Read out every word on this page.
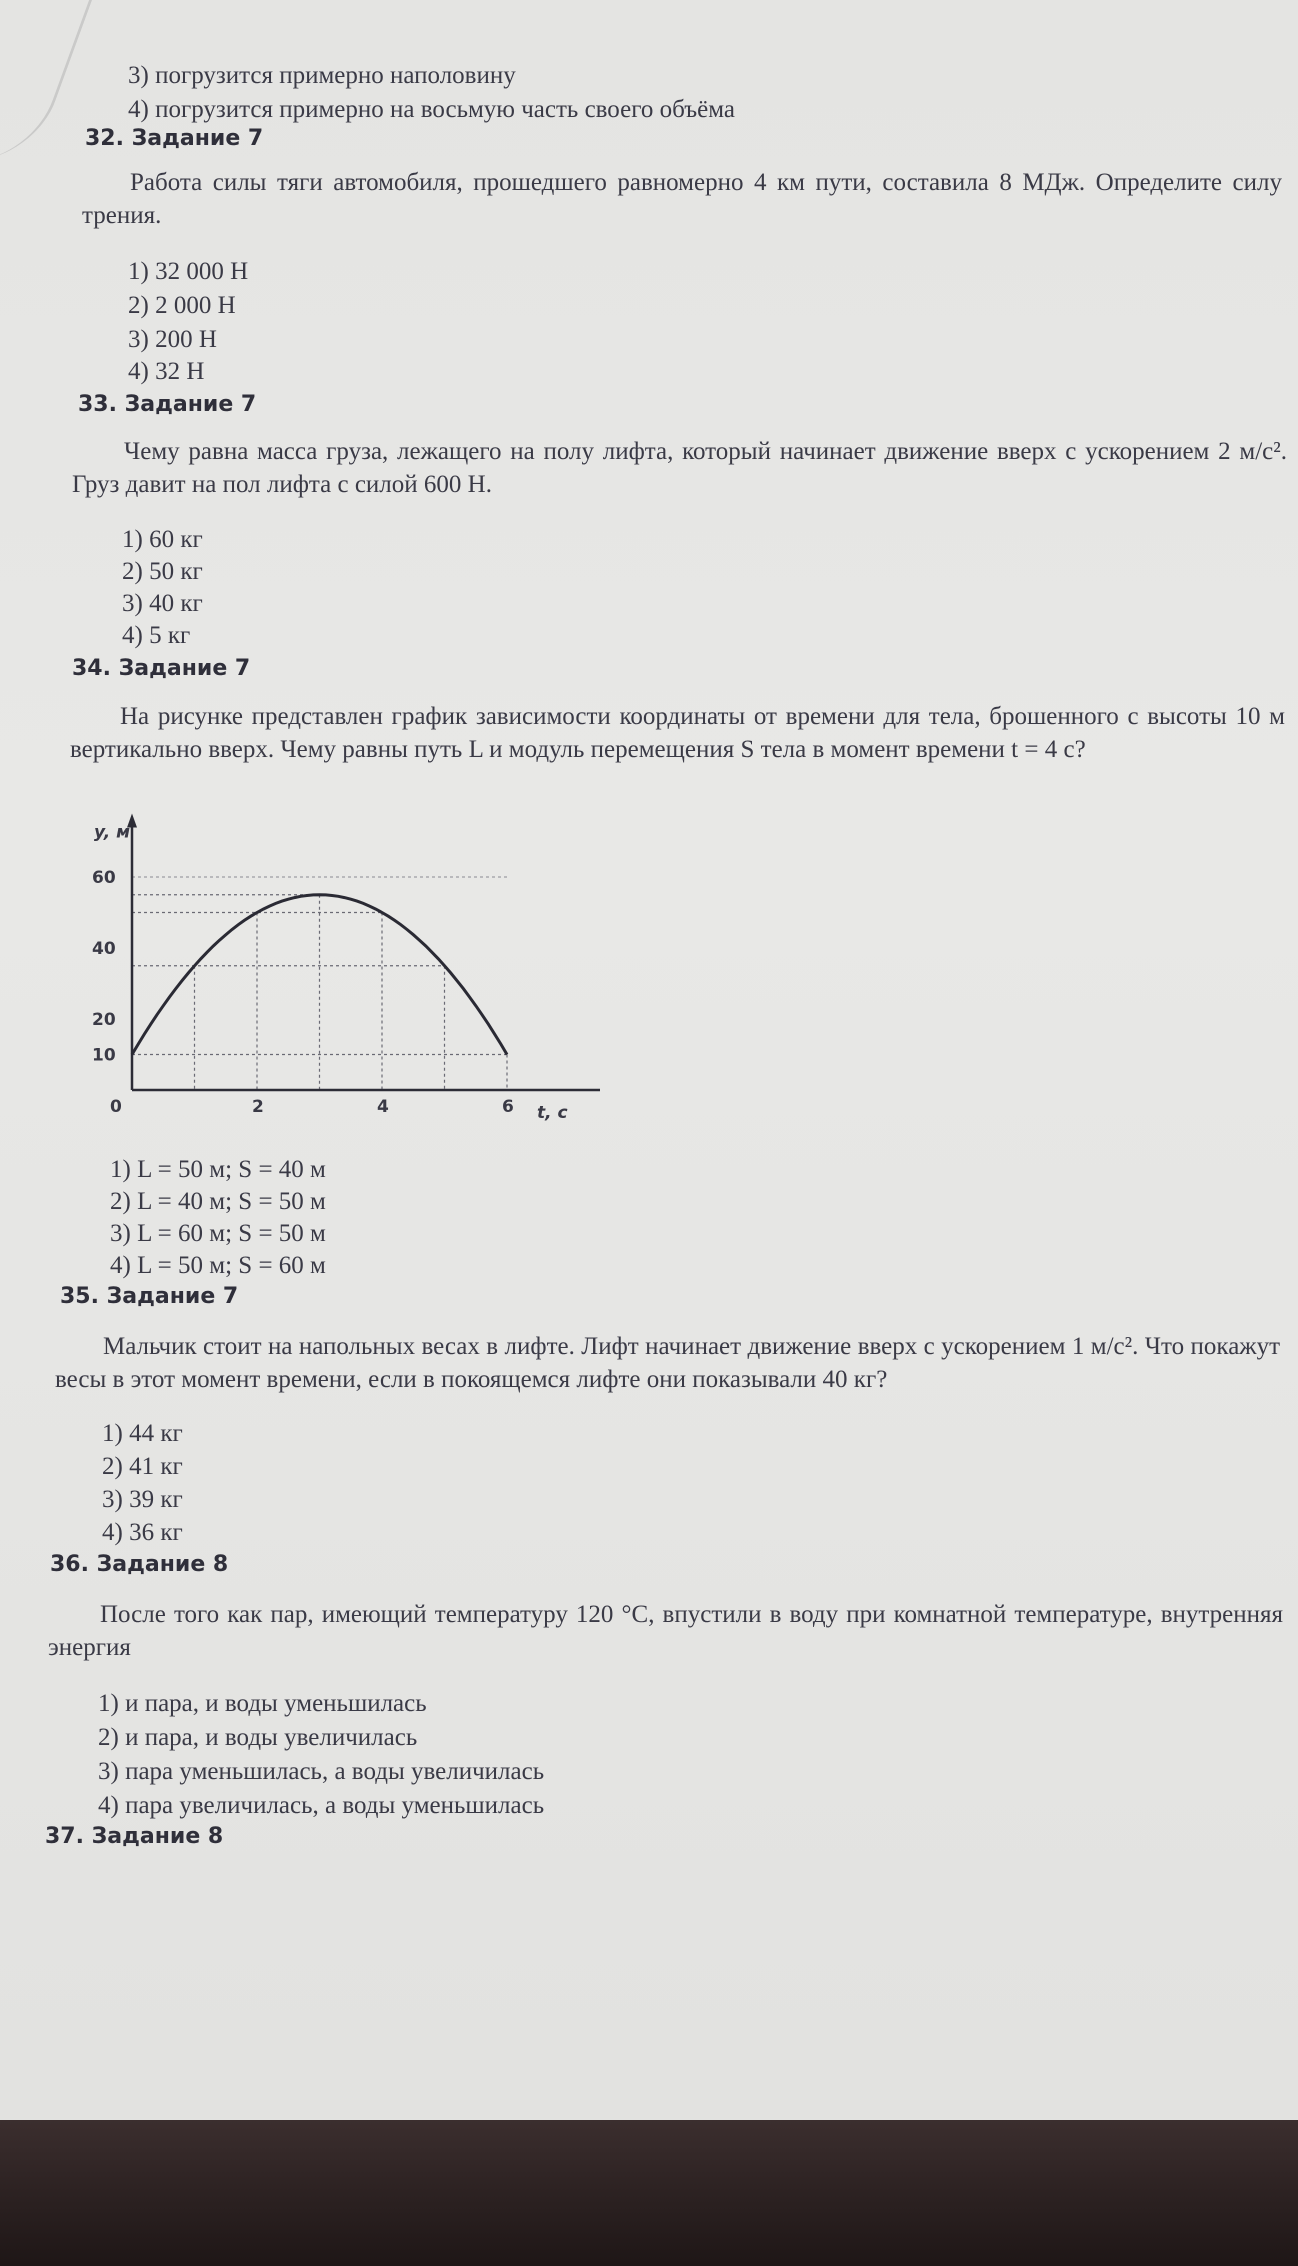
3) погрузится примерно наполовину
4) погрузится примерно на восьмую часть своего объёма
32. Задание 7
Работа силы тяги автомобиля, прошедшего равномерно 4 км пути, составила 8 МДж. Определите силу трения.
1) 32 000 Н
2) 2 000 Н
3) 200 Н
4) 32 Н
33. Задание 7
Чему равна масса груза, лежащего на полу лифта, который начинает движение вверх с ускорением 2 м/с². Груз давит на пол лифта с силой 600 Н.
1) 60 кг
2) 50 кг
3) 40 кг
4) 5 кг
34. Задание 7
На рисунке представлен график зависимости координаты от времени для тела, брошенного с высоты 10 м вертикально вверх. Чему равны путь L и модуль перемещения S тела в момент времени t = 4 с?
0	2	4	6
10
20
40
60
t, c
y, м
1) L = 50 м; S = 40 м
2) L = 40 м; S = 50 м
3) L = 60 м; S = 50 м
4) L = 50 м; S = 60 м
35. Задание 7
Мальчик стоит на напольных весах в лифте. Лифт начинает движение вверх с ускорением 1 м/с². Что покажут весы в этот момент времени, если в покоящемся лифте они показывали 40 кг?
1) 44 кг
2) 41 кг
3) 39 кг
4) 36 кг
36. Задание 8
После того как пар, имеющий температуру 120 °С, впустили в воду при комнатной температуре, внутренняя энергия
1) и пара, и воды уменьшилась
2) и пара, и воды увеличилась
3) пара уменьшилась, а воды увеличилась
4) пара увеличилась, а воды уменьшилась
37. Задание 8
